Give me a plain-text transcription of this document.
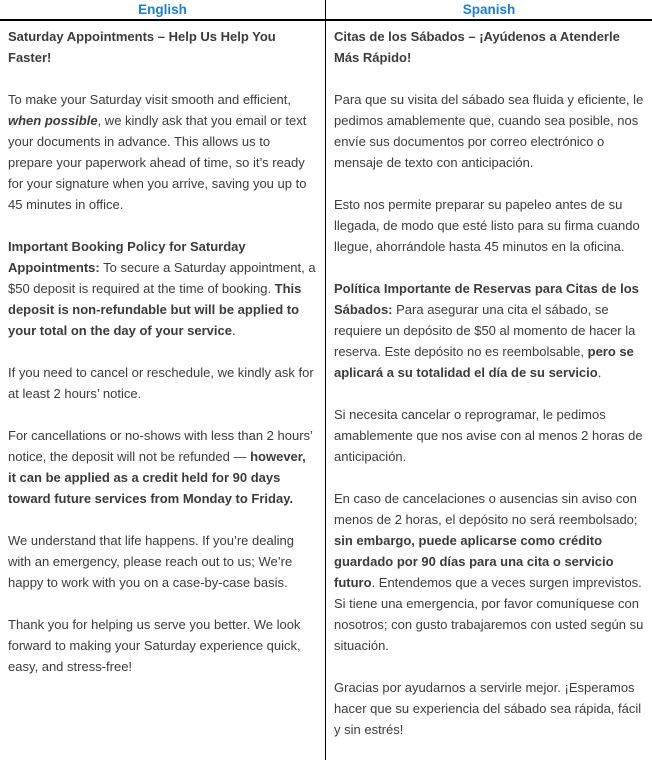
English	Spanish

Saturday Appointments – Help Us Help You Faster!

To make your Saturday visit smooth and efficient, when possible, we kindly ask that you email or text your documents in advance. This allows us to prepare your paperwork ahead of time, so it’s ready for your signature when you arrive, saving you up to 45 minutes in office.

Important Booking Policy for Saturday Appointments: To secure a Saturday appointment, a $50 deposit is required at the time of booking. This deposit is non-refundable but will be applied to your total on the day of your service.

If you need to cancel or reschedule, we kindly ask for at least 2 hours’ notice.

For cancellations or no-shows with less than 2 hours’ notice, the deposit will not be refunded — however, it can be applied as a credit held for 90 days toward future services from Monday to Friday.

We understand that life happens. If you’re dealing with an emergency, please reach out to us; We’re happy to work with you on a case-by-case basis.

Thank you for helping us serve you better. We look forward to making your Saturday experience quick, easy, and stress-free!

Citas de los Sábados – ¡Ayúdenos a Atenderle Más Rápido!

Para que su visita del sábado sea fluida y eficiente, le pedimos amablemente que, cuando sea posible, nos envíe sus documentos por correo electrónico o mensaje de texto con anticipación.

Esto nos permite preparar su papeleo antes de su llegada, de modo que esté listo para su firma cuando llegue, ahorrándole hasta 45 minutos en la oficina.

Política Importante de Reservas para Citas de los Sábados: Para asegurar una cita el sábado, se requiere un depósito de $50 al momento de hacer la reserva. Este depósito no es reembolsable, pero se aplicará a su totalidad el día de su servicio.

Si necesita cancelar o reprogramar, le pedimos amablemente que nos avise con al menos 2 horas de anticipación.

En caso de cancelaciones o ausencias sin aviso con menos de 2 horas, el depósito no será reembolsado; sin embargo, puede aplicarse como crédito guardado por 90 días para una cita o servicio futuro. Entendemos que a veces surgen imprevistos. Si tiene una emergencia, por favor comuníquese con nosotros; con gusto trabajaremos con usted según su situación.

Gracias por ayudarnos a servirle mejor. ¡Esperamos hacer que su experiencia del sábado sea rápida, fácil y sin estrés!
